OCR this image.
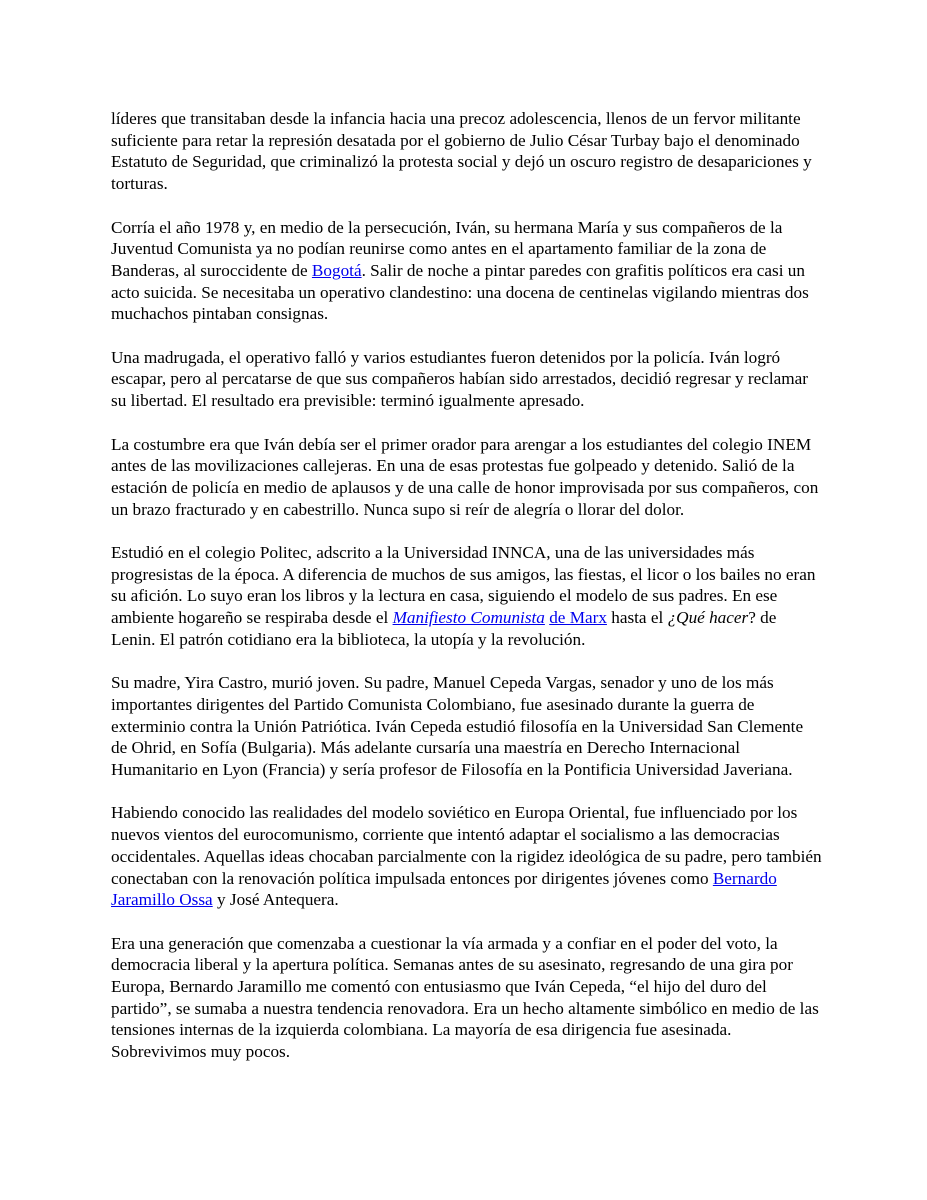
líderes que transitaban desde la infancia hacia una precoz adolescencia, llenos de un fervor militante suficiente para retar la represión desatada por el gobierno de Julio César Turbay bajo el denominado Estatuto de Seguridad, que criminalizó la protesta social y dejó un oscuro registro de desapariciones y torturas.

Corría el año 1978 y, en medio de la persecución, Iván, su hermana María y sus compañeros de la Juventud Comunista ya no podían reunirse como antes en el apartamento familiar de la zona de Banderas, al suroccidente de Bogotá. Salir de noche a pintar paredes con grafitis políticos era casi un acto suicida. Se necesitaba un operativo clandestino: una docena de centinelas vigilando mientras dos muchachos pintaban consignas.

Una madrugada, el operativo falló y varios estudiantes fueron detenidos por la policía. Iván logró escapar, pero al percatarse de que sus compañeros habían sido arrestados, decidió regresar y reclamar su libertad. El resultado era previsible: terminó igualmente apresado.

La costumbre era que Iván debía ser el primer orador para arengar a los estudiantes del colegio INEM antes de las movilizaciones callejeras. En una de esas protestas fue golpeado y detenido. Salió de la estación de policía en medio de aplausos y de una calle de honor improvisada por sus compañeros, con un brazo fracturado y en cabestrillo. Nunca supo si reír de alegría o llorar del dolor.

Estudió en el colegio Politec, adscrito a la Universidad INNCA, una de las universidades más progresistas de la época. A diferencia de muchos de sus amigos, las fiestas, el licor o los bailes no eran su afición. Lo suyo eran los libros y la lectura en casa, siguiendo el modelo de sus padres. En ese ambiente hogareño se respiraba desde el Manifiesto Comunista de Marx hasta el ¿Qué hacer? de Lenin. El patrón cotidiano era la biblioteca, la utopía y la revolución.

Su madre, Yira Castro, murió joven. Su padre, Manuel Cepeda Vargas, senador y uno de los más importantes dirigentes del Partido Comunista Colombiano, fue asesinado durante la guerra de exterminio contra la Unión Patriótica. Iván Cepeda estudió filosofía en la Universidad San Clemente de Ohrid, en Sofía (Bulgaria). Más adelante cursaría una maestría en Derecho Internacional Humanitario en Lyon (Francia) y sería profesor de Filosofía en la Pontificia Universidad Javeriana.

Habiendo conocido las realidades del modelo soviético en Europa Oriental, fue influenciado por los nuevos vientos del eurocomunismo, corriente que intentó adaptar el socialismo a las democracias occidentales. Aquellas ideas chocaban parcialmente con la rigidez ideológica de su padre, pero también conectaban con la renovación política impulsada entonces por dirigentes jóvenes como Bernardo Jaramillo Ossa y José Antequera.

Era una generación que comenzaba a cuestionar la vía armada y a confiar en el poder del voto, la democracia liberal y la apertura política. Semanas antes de su asesinato, regresando de una gira por Europa, Bernardo Jaramillo me comentó con entusiasmo que Iván Cepeda, “el hijo del duro del partido”, se sumaba a nuestra tendencia renovadora. Era un hecho altamente simbólico en medio de las tensiones internas de la izquierda colombiana. La mayoría de esa dirigencia fue asesinada. Sobrevivimos muy pocos.
